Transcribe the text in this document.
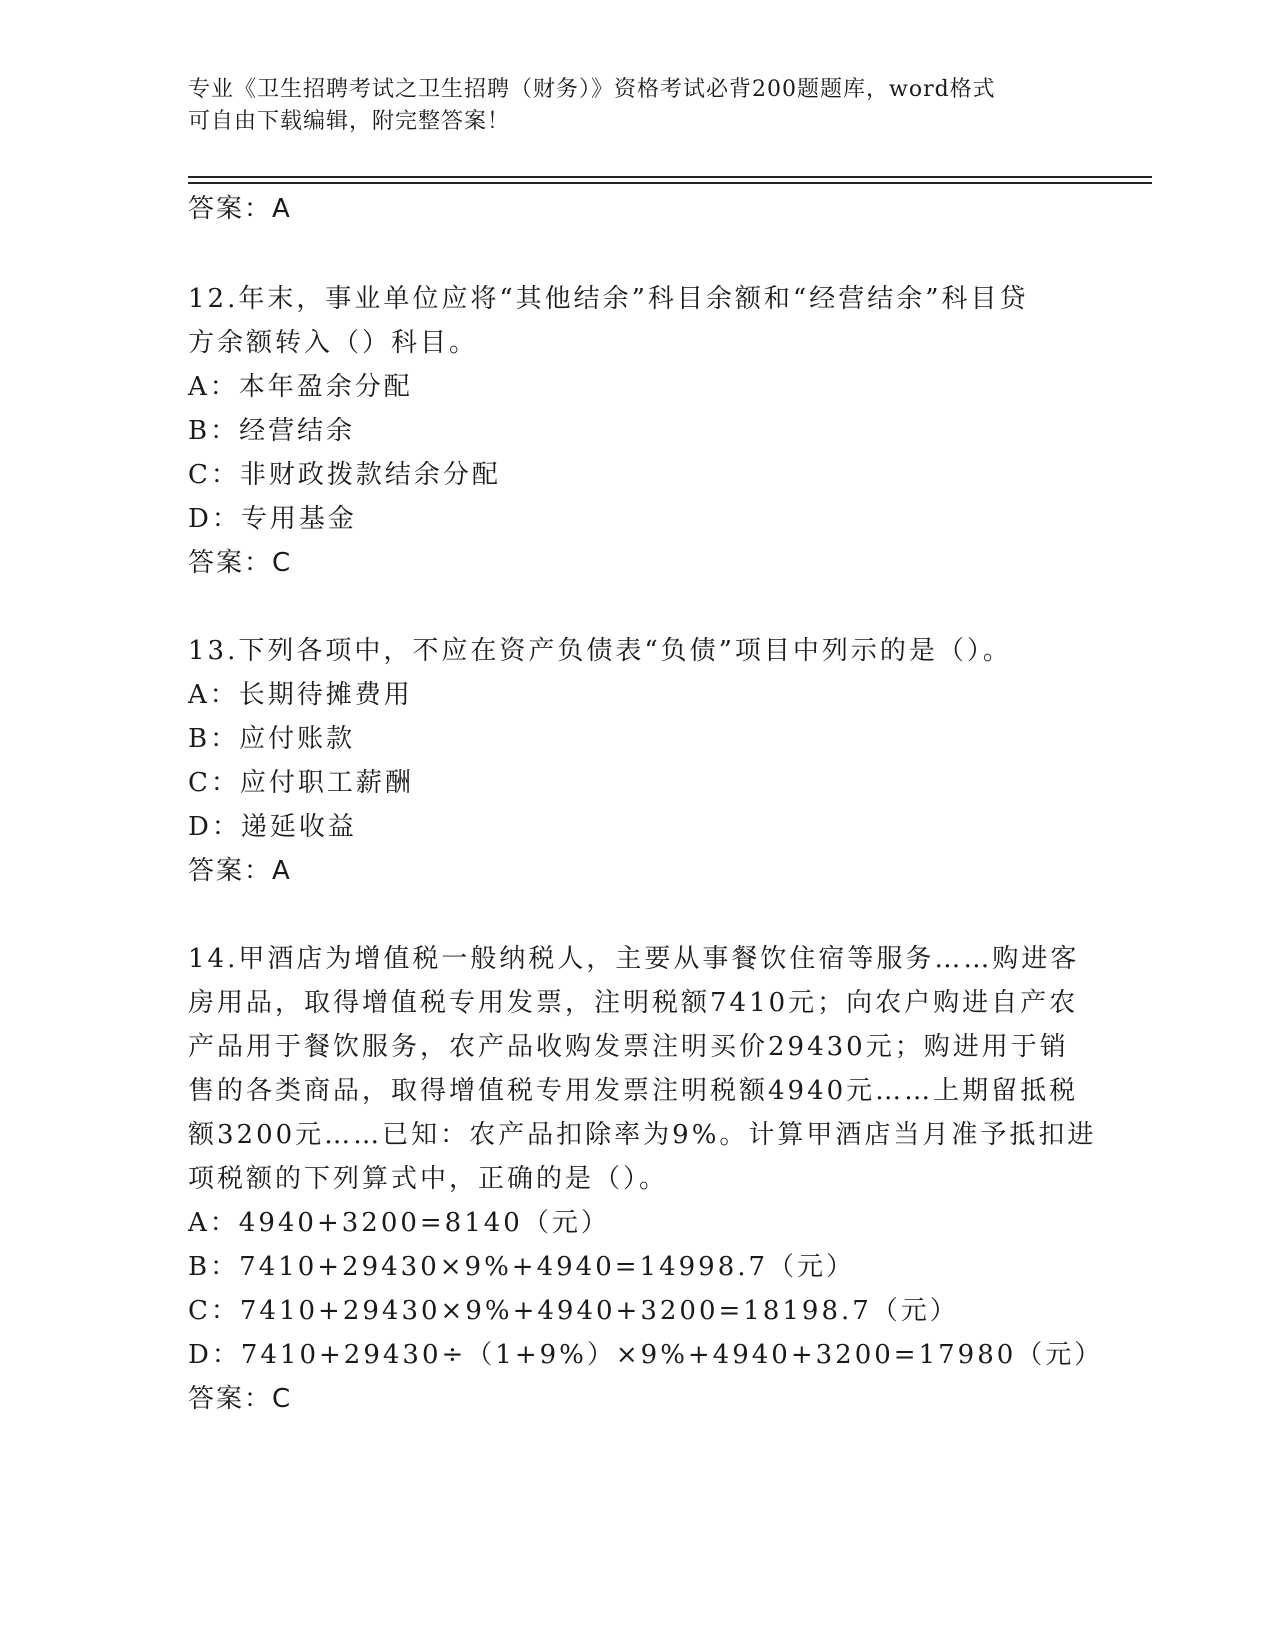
专业《卫生招聘考试之卫生招聘（财务）》资格考试必背200题题库，word格式
可自由下载编辑，附完整答案！
答案：A
12.年末，事业单位应将“其他结余”科目余额和“经营结余”科目贷
方余额转入（）科目。
A：本年盈余分配
B：经营结余
C：非财政拨款结余分配
D：专用基金
答案：C
13.下列各项中，不应在资产负债表“负债”项目中列示的是（）。
A：长期待摊费用
B：应付账款
C：应付职工薪酬
D：递延收益
答案：A
14.甲酒店为增值税一般纳税人，主要从事餐饮住宿等服务……购进客
房用品，取得增值税专用发票，注明税额7410元；向农户购进自产农
产品用于餐饮服务，农产品收购发票注明买价29430元；购进用于销
售的各类商品，取得增值税专用发票注明税额4940元……上期留抵税
额3200元……已知：农产品扣除率为9%。计算甲酒店当月准予抵扣进
项税额的下列算式中，正确的是（）。
A：4940+3200=8140（元）
B：7410+29430×9%+4940=14998.7（元）
C：7410+29430×9%+4940+3200=18198.7（元）
D：7410+29430÷（1+9%）×9%+4940+3200=17980（元）
答案：C
